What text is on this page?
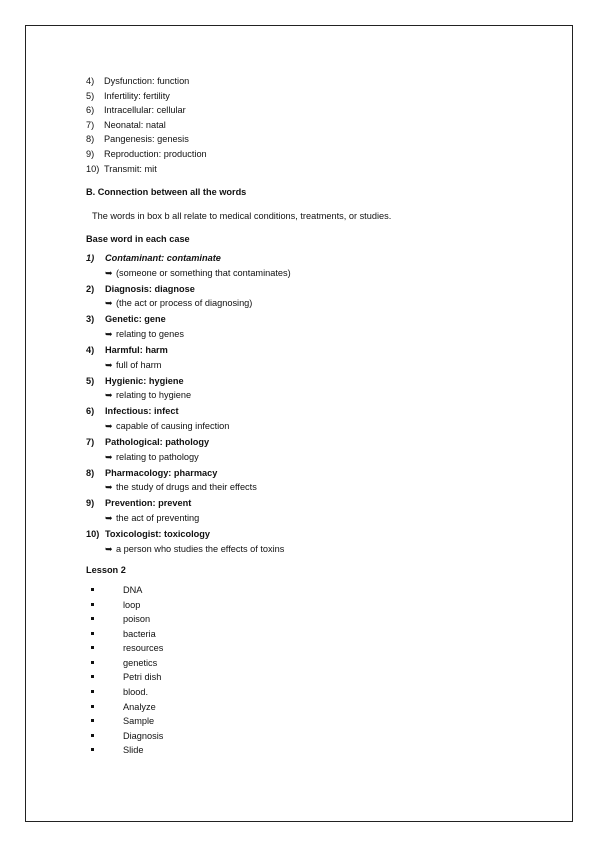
4) Dysfunction: function
5) Infertility: fertility
6) Intracellular: cellular
7) Neonatal: natal
8) Pangenesis: genesis
9) Reproduction: production
10) Transmit: mit
B. Connection between all the words
The words in box b all relate to medical conditions, treatments, or studies.
Base word in each case
1) Contaminant: contaminate
➥ (someone or something that contaminates)
2) Diagnosis: diagnose
➥ (the act or process of diagnosing)
3) Genetic: gene
➥ relating to genes
4) Harmful: harm
➥ full of harm
5) Hygienic: hygiene
➥ relating to hygiene
6) Infectious: infect
➥ capable of causing infection
7) Pathological: pathology
➥ relating to pathology
8) Pharmacology: pharmacy
➥ the study of drugs and their effects
9) Prevention: prevent
➥ the act of preventing
10) Toxicologist: toxicology
➥ a person who studies the effects of toxins
Lesson 2
DNA
loop
poison
bacteria
resources
genetics
Petri dish
blood.
Analyze
Sample
Diagnosis
Slide
